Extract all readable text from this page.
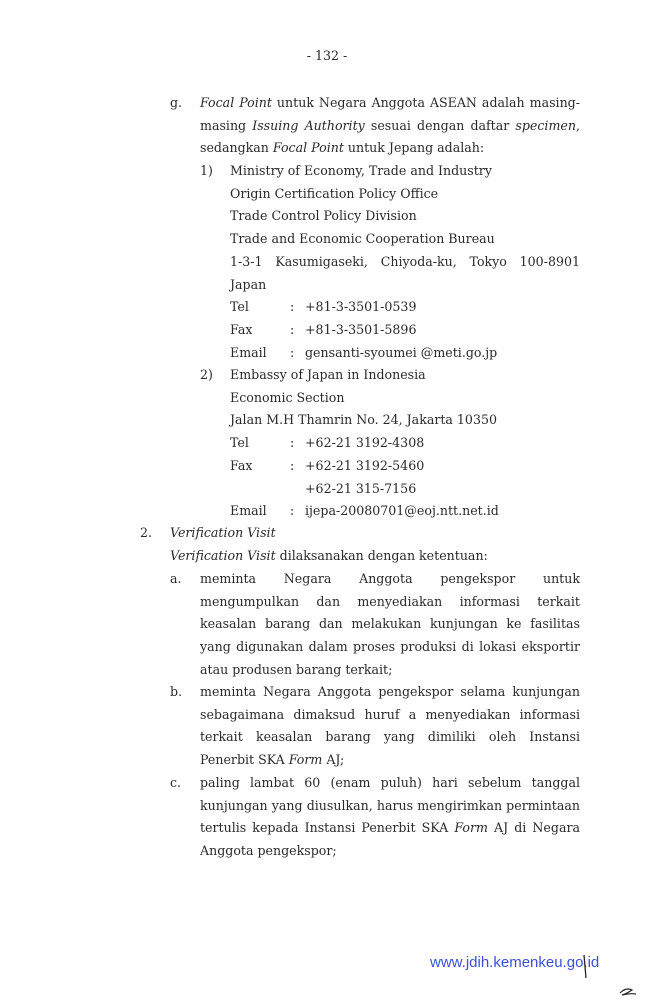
- 132 -
g. Focal Point untuk Negara Anggota ASEAN adalah masing-
masing Issuing Authority sesuai dengan daftar specimen,
sedangkan Focal Point untuk Jepang adalah:
1) Ministry of Economy, Trade and Industry
Origin Certification Policy Office
Trade Control Policy Division
Trade and Economic Cooperation Bureau
1-3-1 Kasumigaseki, Chiyoda-ku, Tokyo 100-8901
Japan
Tel	: +81-3-3501-0539
Fax	: +81-3-3501-5896
Email	: gensanti-syoumei @meti.go.jp
2) Embassy of Japan in Indonesia
Economic Section
Jalan M.H Thamrin No. 24, Jakarta 10350
Tel	: +62-21 3192-4308
Fax	: +62-21 3192-5460
+62-21 315-7156
Email	: ijepa-20080701@eoj.ntt.net.id
2. Verification Visit
Verification Visit dilaksanakan dengan ketentuan:
a. meminta Negara Anggota pengekspor untuk mengumpulkan dan menyediakan informasi terkait keasalan barang dan melakukan kunjungan ke fasilitas yang digunakan dalam proses produksi di lokasi eksportir atau produsen barang terkait;
b. meminta Negara Anggota pengekspor selama kunjungan sebagaimana dimaksud huruf a menyediakan informasi terkait keasalan barang yang dimiliki oleh Instansi Penerbit SKA Form AJ;
c. paling lambat 60 (enam puluh) hari sebelum tanggal kunjungan yang diusulkan, harus mengirimkan permintaan tertulis kepada Instansi Penerbit SKA Form AJ di Negara Anggota pengekspor;
www.jdih.kemenkeu.go.id
